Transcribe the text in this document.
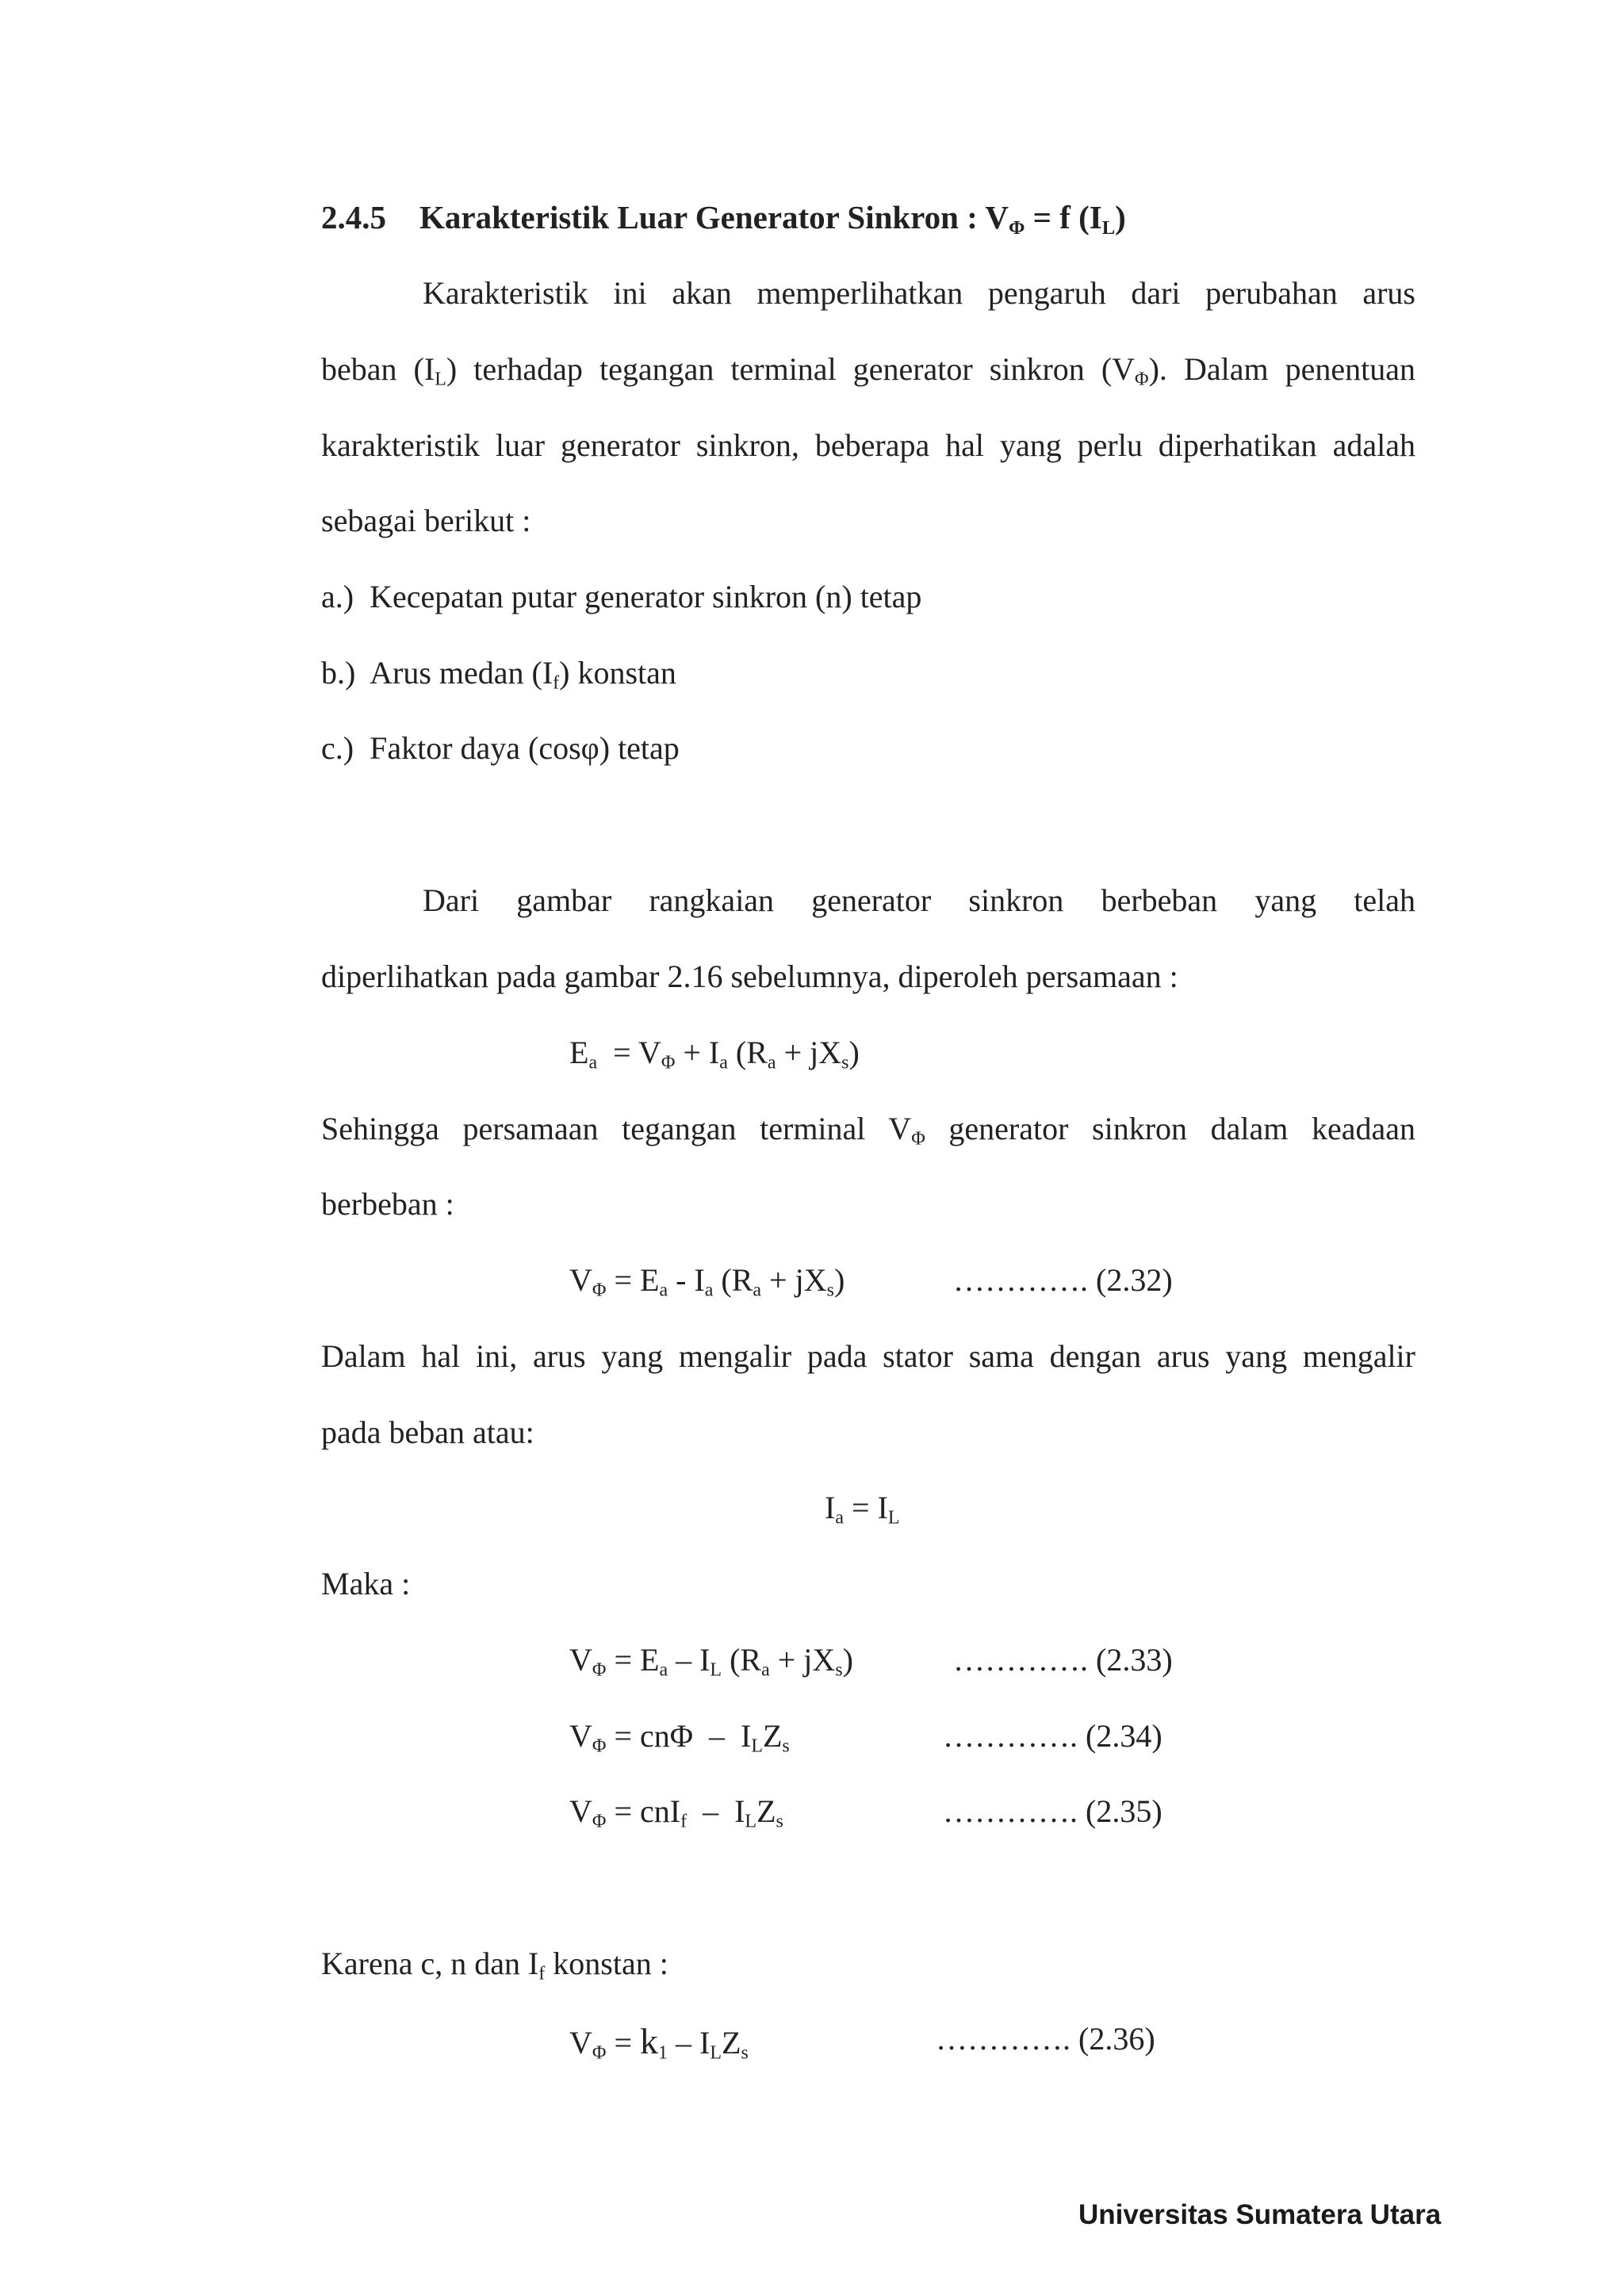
2.4.5 Karakteristik Luar Generator Sinkron : $V_\Phi = f$ $(I_L)$
Karakteristik ini akan memperlihatkan pengaruh dari perubahan arus
beban $(I_L)$ terhadap tegangan terminal generator sinkron $(V_\Phi)$. Dalam penentuan
karakteristik luar generator sinkron, beberapa hal yang perlu diperhatikan adalah
sebagai berikut :
a.)  Kecepatan putar generator sinkron (n) tetap
b.)  Arus medan $(I_f)$ konstan
c.)  Faktor daya (cosφ) tetap
Dari gambar rangkaian generator sinkron berbeban yang telah
diperlihatkan pada gambar 2.16 sebelumnya, diperoleh persamaan :
$E_a = V_\Phi + I_a$ $(R_a + jX_s)$
Sehingga persamaan tegangan terminal $V_\Phi$ generator sinkron dalam keadaan
berbeban :
$V_\Phi = E_a - I_a$ $(R_a + jX_s)$	…………. (2.32)
Dalam hal ini, arus yang mengalir pada stator sama dengan arus yang mengalir
pada beban atau:
$I_a = I_L$
Maka :
$V_\Phi = E_a - I_L$ $(R_a + jX_s)$	…………. (2.33)
$V_\Phi = cn\Phi - I_LZ_s$	…………. (2.34)
$V_\Phi = cnI_f - I_LZ_s$	…………. (2.35)
Karena c, n dan $I_f$ konstan :
$V_\Phi = k_1 - I_LZ_s$	…………. (2.36)
Universitas Sumatera Utara
